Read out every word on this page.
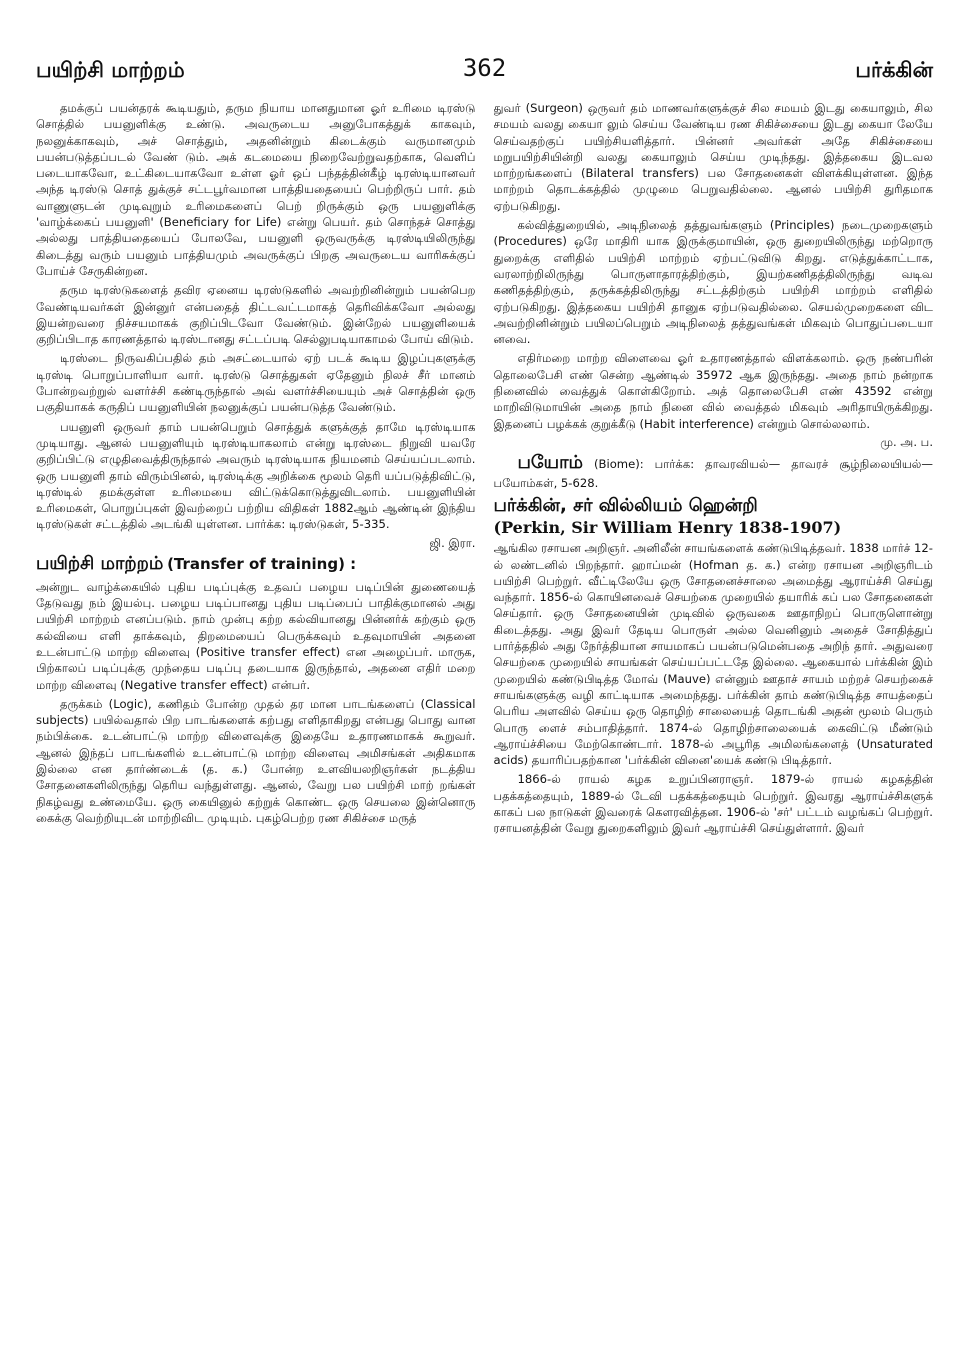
பயிற்சி மாற்றம்	362	பர்க்கின்

தமக்குப் பயன்தரக் கூடியதும், தரும நியாய மானதுமான ஓர் உரிமை டிரஸ்டு சொத்தில் பயனுளிக்கு உண்டு. அவருடைய அனுபோகத்துக் காகவும், நலனுக்காகவும், அச் சொத்தும், அதனின்றும் கிடைக்கும் வருமானமும் பயன்படுத்தப்படல் வேண் டும். அக் கடமையை நிறைவேற்றுவதற்காக, வெளிப் படையாகவோ, உட்கிடையாகவோ உள்ள ஓர் ஒப் பந்தத்தின்கீழ் டிரஸ்டியானவர் அந்த டிரஸ்டு சொத் துக்குச் சட்டபூர்வமான பாத்தியதையைப் பெற்றிருப் பார். தம் வாணுளுடன் முடிவுறும் உரிமைகளைப் பெற் றிருக்கும் ஒரு பயனுளிக்கு 'வாழ்க்கைப் பயனுளி' (Beneficiary for Life) என்று பெயர். தம் சொந்தச் சொத்து அல்லது பாத்தியதையைப் போலவே, பயனுளி ஒருவருக்கு டிரஸ்டியிலிருந்து கிடைத்து வரும் பயனும் பாத்தியமும் அவருக்குப் பிறகு அவருடைய வாரிசுக்குப் போய்ச் சேருகின்றன.

தரும டிரஸ்டுகளைத் தவிர ஏனைய டிரஸ்டுகளில் அவற்றினின்றும் பயன்பெற வேண்டியவர்கள் இன்னுர் என்பதைத் திட்டவட்டமாகத் தெரிவிக்கவோ அல்லது இயன்றவரை நிச்சயமாகக் குறிப்பிடவோ வேண்டும். இன்றேல் பயனுளியைக் குறிப்பிடாத காரணத்தால் டிரஸ்டானது சட்டப்படி செல்லுபடியாகாமல் போய் விடும்.

டிரஸ்டை நிருவகிப்பதில் தம் அசட்டையால் ஏற் படக் கூடிய இழப்புகளுக்கு டிரஸ்டி பொறுப்பாளியா வார். டிரஸ்டு சொத்துகள் ஏதேனும் நிலச் சீர் மானம் போன்றவற்றுல் வளர்ச்சி கண்டிருந்தால் அவ் வளர்ச்சியையும் அச் சொத்தின் ஒரு பகுதியாகக் கருதிப் பயனுளியின் நலனுக்குப் பயன்படுத்த வேண்டும்.

பயனுளி ஒருவர் தாம் பயன்பெறும் சொத்துக் களுக்குத் தாமே டிரஸ்டியாக முடியாது. ஆனல் பயனுளியும் டிரஸ்டியாகலாம் என்று டிரஸ்டை நிறுவி யவரே குறிப்பிட்டு எழுதிவைத்திருந்தால் அவரும் டிரஸ்டியாக நியமனம் செய்யப்படலாம். ஒரு பயனுளி தாம் விரும்பினல், டிரஸ்டிக்கு அறிக்கை மூலம் தெரி யப்படுத்திவிட்டு, டிரஸ்டில் தமக்குள்ள உரிமையை விட்டுக்கொடுத்துவிடலாம். பயனுளியின் உரிமைகள், பொறுப்புகள் இவற்றைப் பற்றிய விதிகள் 1882ஆம் ஆண்டின் இந்திய டிரஸ்டுகள் சட்டத்தில் அடங்கி யுள்ளன. பார்க்க: டிரஸ்டுகள், 5-335.

ஜி. இரா.

பயிற்சி மாற்றம் (Transfer of training) :

அன்றுட வாழ்க்கையில் புதிய படிப்புக்கு உதவப் பழைய படிப்பின் துணையைத் தேடுவது நம் இயல்பு. பழைய படிப்பானது புதிய படிப்பைப் பாதிக்குமானல் அது பயிற்சி மாற்றம் எனப்படும். நாம் முன்பு கற்ற கல்வியானது பின்னர்க் கற்கும் ஒரு கல்வியை எளி தாக்கவும், திறமையைப் பெருக்கவும் உதவுமாயின் அதனை உடன்பாட்டு மாற்ற விளைவு (Positive transfer effect) என அழைப்பர். மாருக, பிற்காலப் படிப்புக்கு முந்தைய படிப்பு தடையாக இருந்தால், அதனை எதிர் மறை மாற்ற விளைவு (Negative transfer effect) என்பர்.

தருக்கம் (Logic), கணிதம் போன்ற முதல் தர மான பாடங்களைப் (Classical subjects) பயில்வதால் பிற பாடங்களைக் கற்பது எளிதாகிறது என்பது பொது வான நம்பிக்கை. உடன்பாட்டு மாற்ற விளைவுக்கு இதையே உதாரணமாகக் கூறுவர். ஆனல் இந்தப் பாடங்களில் உடன்பாட்டு மாற்ற விளைவு அமிசங்கள் அதிகமாக இல்லை என தார்ண்டைக் (த. க.) போன்ற உளவியலறிஞர்கள் நடத்திய சோதனைகளிலிருந்து தெரிய வந்துள்ளது. ஆனல், வேறு பல பயிற்சி மாற் றங்கள் நிகழ்வது உண்மையே. ஒரு கையினுல் கற்றுக் கொண்ட ஒரு செயலை இன்னொரு கைக்கு வெற்றியுடன் மாற்றிவிட முடியும். புகழ்பெற்ற ரண சிகிச்சை மருத்

துவர் (Surgeon) ஒருவர் தம் மாணவர்களுக்குச் சில சமயம் இடது கையாலும், சில சமயம் வலது கையா லும் செய்ய வேண்டிய ரண சிகிச்சையை இடது கையா லேயே செய்வதற்குப் பயிற்சியளித்தார். பின்னர் அவர்கள் அதே சிகிச்சையை மறுபயிற்சியின்றி வலது கையாலும் செய்ய முடிந்தது. இத்தகைய இடவல மாற்றங்களைப் (Bilateral transfers) பல சோதனைகள் விளக்கியுள்ளன. இந்த மாற்றம் தொடக்கத்தில் முழுமை பெறுவதில்லை. ஆனல் பயிற்சி துரிதமாக ஏற்படுகிறது.

கல்வித்துறையில், அடிநிலைத் தத்துவங்களும் (Principles) நடைமுறைகளும் (Procedures) ஒரே மாதிரி யாக இருக்குமாயின், ஒரு துறையிலிருந்து மற்றொரு துறைக்கு எளிதில் பயிற்சி மாற்றம் ஏற்பட்டுவிடு கிறது. எடுத்துக்காட்டாக, வரலாற்றிலிருந்து பொருளாதாரத்திற்கும், இயற்கணிதத்திலிருந்து வடிவ கணிதத்திற்கும், தருக்கத்திலிருந்து சட்டத்திற்கும் பயிற்சி மாற்றம் எளிதில் ஏற்படுகிறது. இத்தகைய பயிற்சி தானுக ஏற்படுவதில்லை. செயல்முறைகளை விட அவற்றினின்றும் பயிலப்பெறும் அடிநிலைத் தத்துவங்கள் மிகவும் பொதுப்படையா னவை.

எதிர்மறை மாற்ற விளைவை ஓர் உதாரணத்தால் விளக்கலாம். ஒரு நண்பரின் தொலைபேசி எண் சென்ற ஆண்டில் 35972 ஆக இருந்தது. அதை நாம் நன்றாக நினைவில் வைத்துக் கொள்கிறோம். அத் தொலைபேசி எண் 43592 என்று மாறிவிடுமாயின் அதை நாம் நினை வில் வைத்தல் மிகவும் அரிதாயிருக்கிறது. இதனைப் பழக்கக் குறுக்கீடு (Habit interference) என்றும் சொல்லலாம்.

மு. அ. ப.

பயோம் (Biome): பார்க்க: தாவரவியல்— தாவரச் சூழ்நிலையியல்—பயோம்கள், 5-628.

பர்க்கின், சர் வில்லியம் ஹென்றி
(Perkin, Sir William Henry 1838-1907)

ஆங்கில ரசாயன அறிஞர். அனிலீன் சாயங்களைக் கண்டுபிடித்தவர். 1838 மார்ச் 12-ல் லண்டனில் பிறந்தார். ஹாப்மன் (Hofman த. க.) என்ற ரசாயன அறிஞரிடம் பயிற்சி பெற்றுர். வீட்டிலேயே ஒரு சோதனைச்சாலை அமைத்து ஆராய்ச்சி செய்து வந்தார். 1856-ல் கொயினவைச் செயற்கை முறையில் தயாரிக் கப் பல சோதனைகள் செய்தார். ஒரு சோதனையின் முடிவில் ஒருவகை ஊதாநிறப் பொருளொன்று கிடைத்தது. அது இவர் தேடிய பொருள் அல்ல வெனினும் அதைச் சோதித்துப் பார்த்ததில் அது நேர்த்தியான சாயமாகப் பயன்படுமென்பதை அறிந் தார். அதுவரை செயற்கை முறையில் சாயங்கள் செய்யப்பட்டதே இல்லை. ஆகையால் பர்க்கின் இம் முறையில் கண்டுபிடித்த மோவ் (Mauve) என்னும் ஊதாச் சாயம் மற்றச் செயற்கைச் சாயங்களுக்கு வழி காட்டியாக அமைந்தது. பர்க்கின் தாம் கண்டுபிடித்த சாயத்தைப் பெரிய அளவில் செய்ய ஒரு தொழிற் சாலையைத் தொடங்கி அதன் மூலம் பெரும் பொரு ளைச் சம்பாதித்தார். 1874-ல் தொழிற்சாலையைக் கைவிட்டு மீண்டும் ஆராய்ச்சியை மேற்கொண்டார். 1878-ல் அபூரித அமிலங்களைத் (Unsaturated acids) தயாரிப்பதற்கான 'பர்க்கின் வினை'யைக் கண்டு பிடித்தார்.

1866-ல் ராயல் கழக உறுப்பினராஞர். 1879-ல் ராயல் கழகத்தின் பதக்கத்தையும், 1889-ல் டேவி பதக்கத்தையும் பெற்றுர். இவரது ஆராய்ச்சிகளுக் காகப் பல நாடுகள் இவரைக் கௌரவித்தன. 1906-ல் 'சர்' பட்டம் வழங்கப் பெற்றுர். ரசாயனத்தின் வேறு துறைகளிலும் இவர் ஆராய்ச்சி செய்துள்ளார். இவர்
